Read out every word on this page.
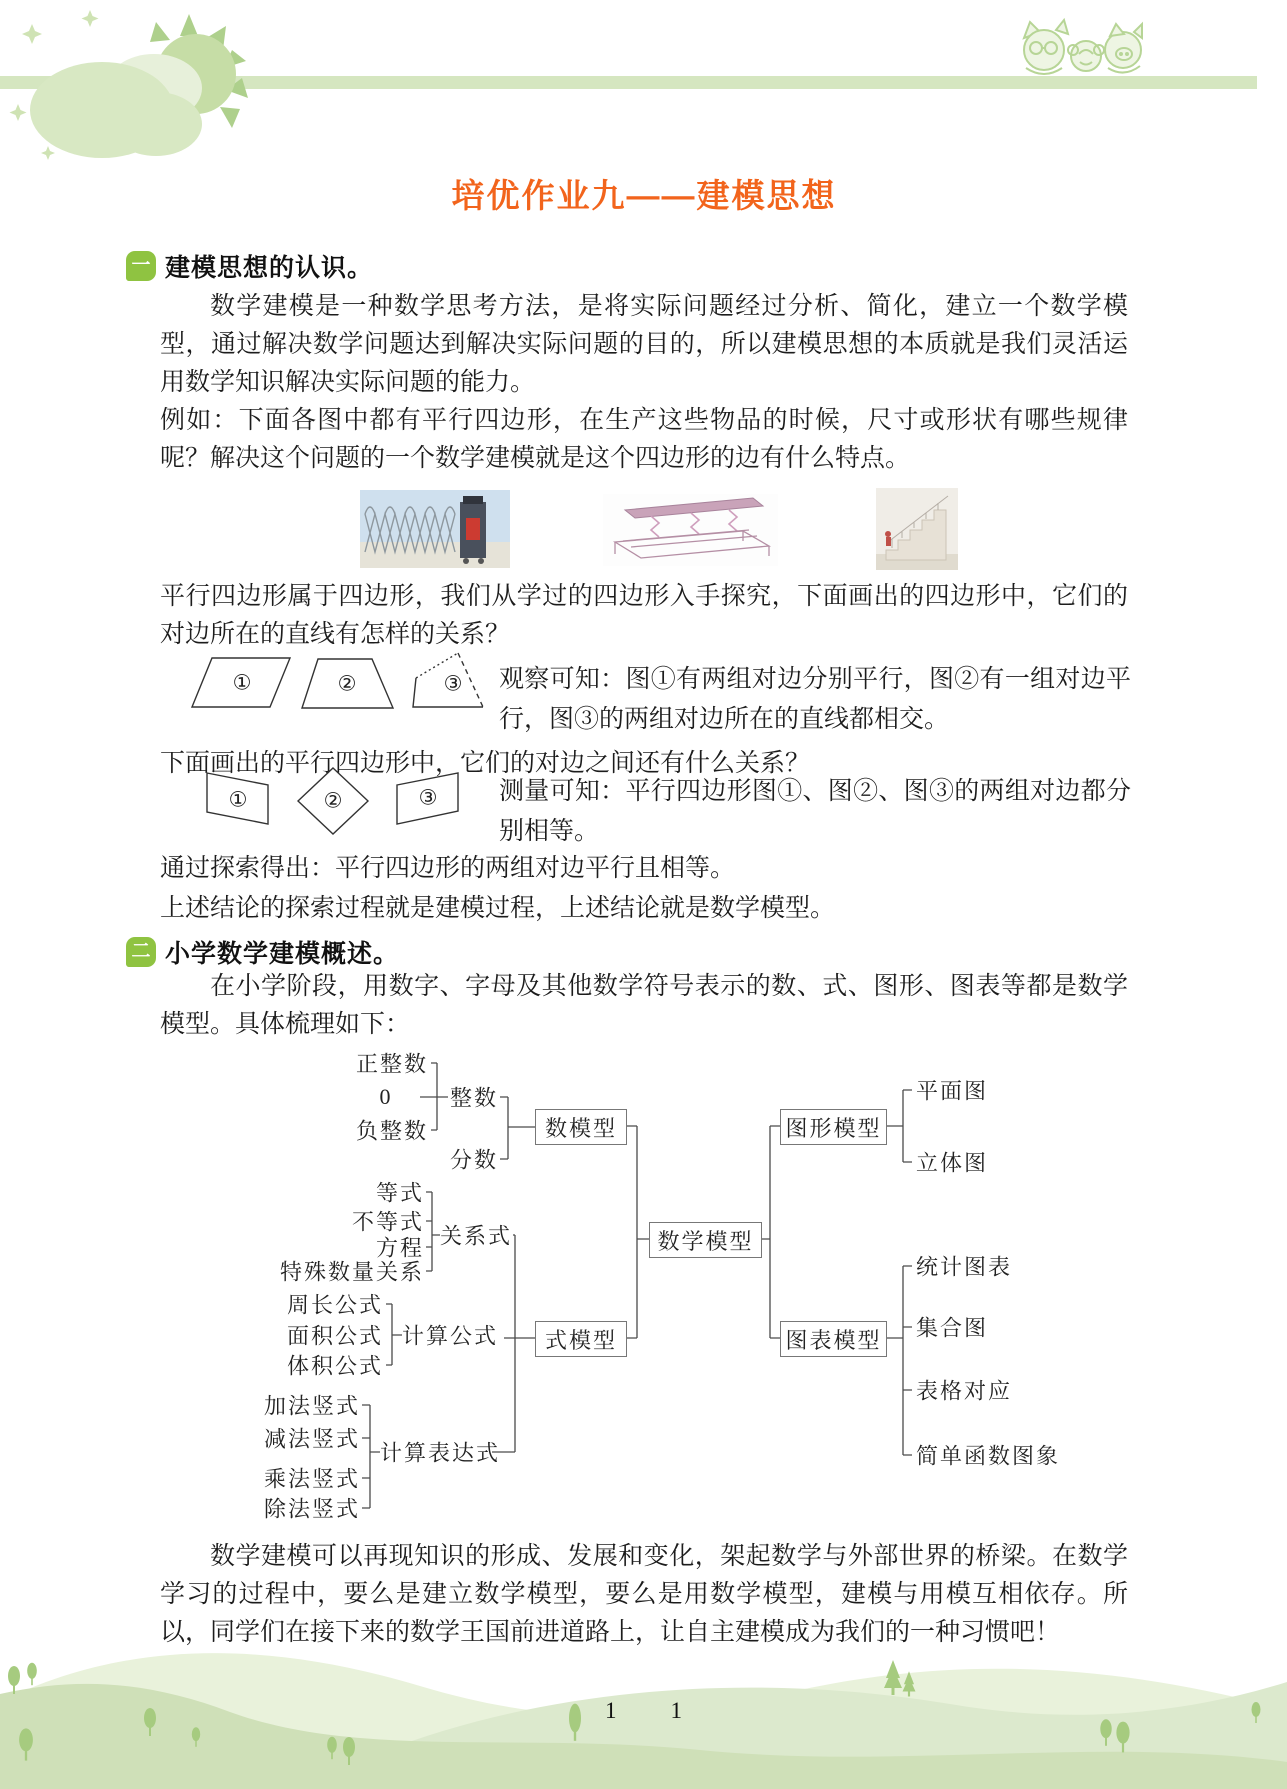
培优作业九——建模思想
一 建模思想的认识。
数学建模是一种数学思考方法，是将实际问题经过分析、简化，建立一个数学模型，通过解决数学问题达到解决实际问题的目的，所以建模思想的本质就是我们灵活运用数学知识解决实际问题的能力。
例如：下面各图中都有平行四边形，在生产这些物品的时候，尺寸或形状有哪些规律呢？解决这个问题的一个数学建模就是这个四边形的边有什么特点。
平行四边形属于四边形，我们从学过的四边形入手探究，下面画出的四边形中，它们的对边所在的直线有怎样的关系？
①	②	③ 观察可知：图①有两组对边分别平行，图②有一组对边平行，图③的两组对边所在的直线都相交。
下面画出的平行四边形中，它们的对边之间还有什么关系？
①	②	③ 测量可知：平行四边形图①、图②、图③的两组对边都分别相等。
通过探索得出：平行四边形的两组对边平行且相等。
上述结论的探索过程就是建模过程，上述结论就是数学模型。
二 小学数学建模概述。
在小学阶段，用数字、字母及其他数学符号表示的数、式、图形、图表等都是数学模型。具体梳理如下：
正整数
0
负整数
整数
分数
等式
不等式
方程
特殊数量关系
关系式
周长公式
面积公式
体积公式
计算公式
加法竖式
减法竖式
乘法竖式
除法竖式
计算表达式
数模型
式模型
数学模型
图形模型
图表模型
平面图
立体图
统计图表
集合图
表格对应
简单函数图象
数学建模可以再现知识的形成、发展和变化，架起数学与外部世界的桥梁。在数学学习的过程中，要么是建立数学模型，要么是用数学模型，建模与用模互相依存。所以，同学们在接下来的数学王国前进道路上，让自主建模成为我们的一种习惯吧！
1 1
